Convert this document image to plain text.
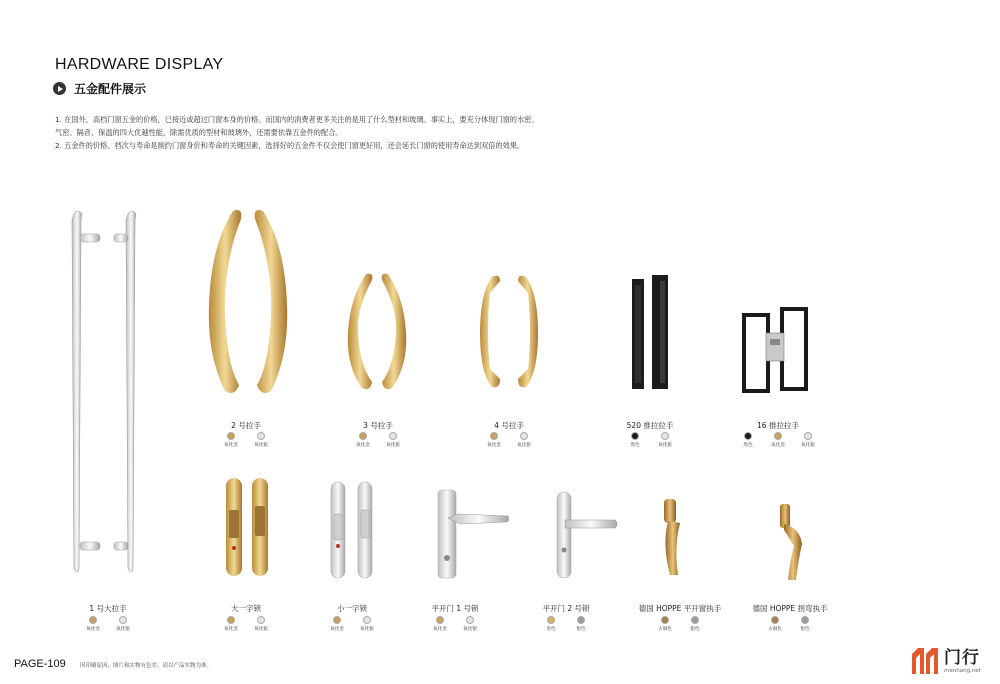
HARDWARE DISPLAY
五金配件展示
1. 在国外，高档门窗五金的价格，已接近或超过门窗本身的价格。而国内的消费者更多关注的是用了什么型材和玻璃。事实上，要充分体现门窗的水密、
气密、隔音、保温的四大优越性能，除需优质的型材和玻璃外，还需要依靠五金件的配合。
2. 五金件的价格、档次与寿命是制约门窗身价和寿命的关键因素，选择好的五金件不仅会使门窗更好用，还会延长门窗的使用寿命达到双倍的效果。
2 号拉手
氧化金	氧化银
3 号拉手
氧化金	氧化银
4 号拉手
氧化金	氧化银
520 推拉拉手
黑色	氧化银
16 推拉拉手
黑色	氧化金	氧化银
1 号大拉手
氧化金	氧化银
大一字锁
氧化金	氧化银
小一字锁
氧化金	氧化银
平开门 1 号锁
氧化金	氧化银
平开门 2 号锁
金色	银色
德国 HOPPE 平开窗执手
古铜色	银色
德国 HOPPE 拐弯执手
古铜色	银色
PAGE-109	因印刷原因，图片和实物有色差，请以产品实物为准。	门行
menhang.net
